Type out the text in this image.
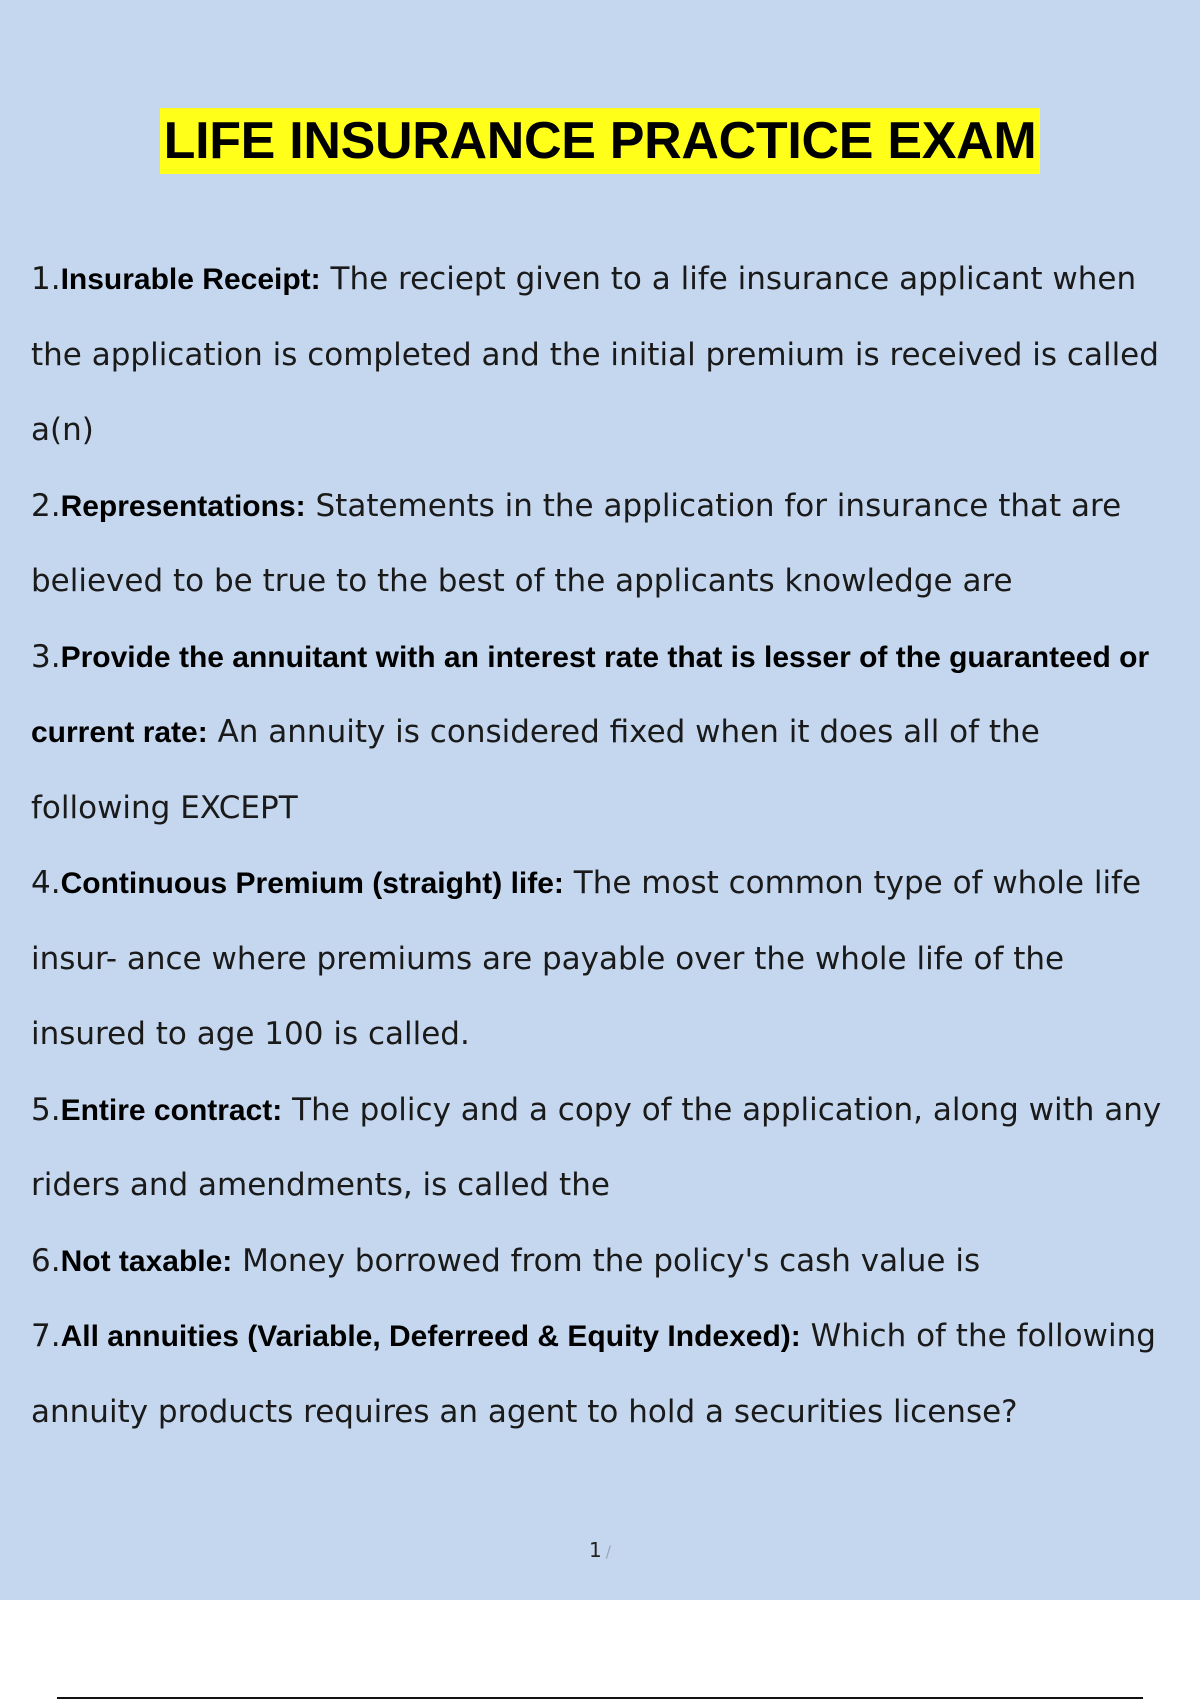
LIFE INSURANCE PRACTICE EXAM
1.Insurable Receipt: The reciept given to a life insurance applicant when the application is completed and the initial premium is received is called a(n)
2.Representations: Statements in the application for insurance that are believed to be true to the best of the applicants knowledge are
3.Provide the annuitant with an interest rate that is lesser of the guaranteed or current rate: An annuity is considered fixed when it does all of the following EXCEPT
4.Continuous Premium (straight) life: The most common type of whole life insur- ance where premiums are payable over the whole life of the insured to age 100 is called.
5.Entire contract: The policy and a copy of the application, along with any riders and amendments, is called the
6.Not taxable: Money borrowed from the policy's cash value is
7.All annuities (Variable, Deferreed & Equity Indexed): Which of the following annuity products requires an agent to hold a securities license?
1 /
